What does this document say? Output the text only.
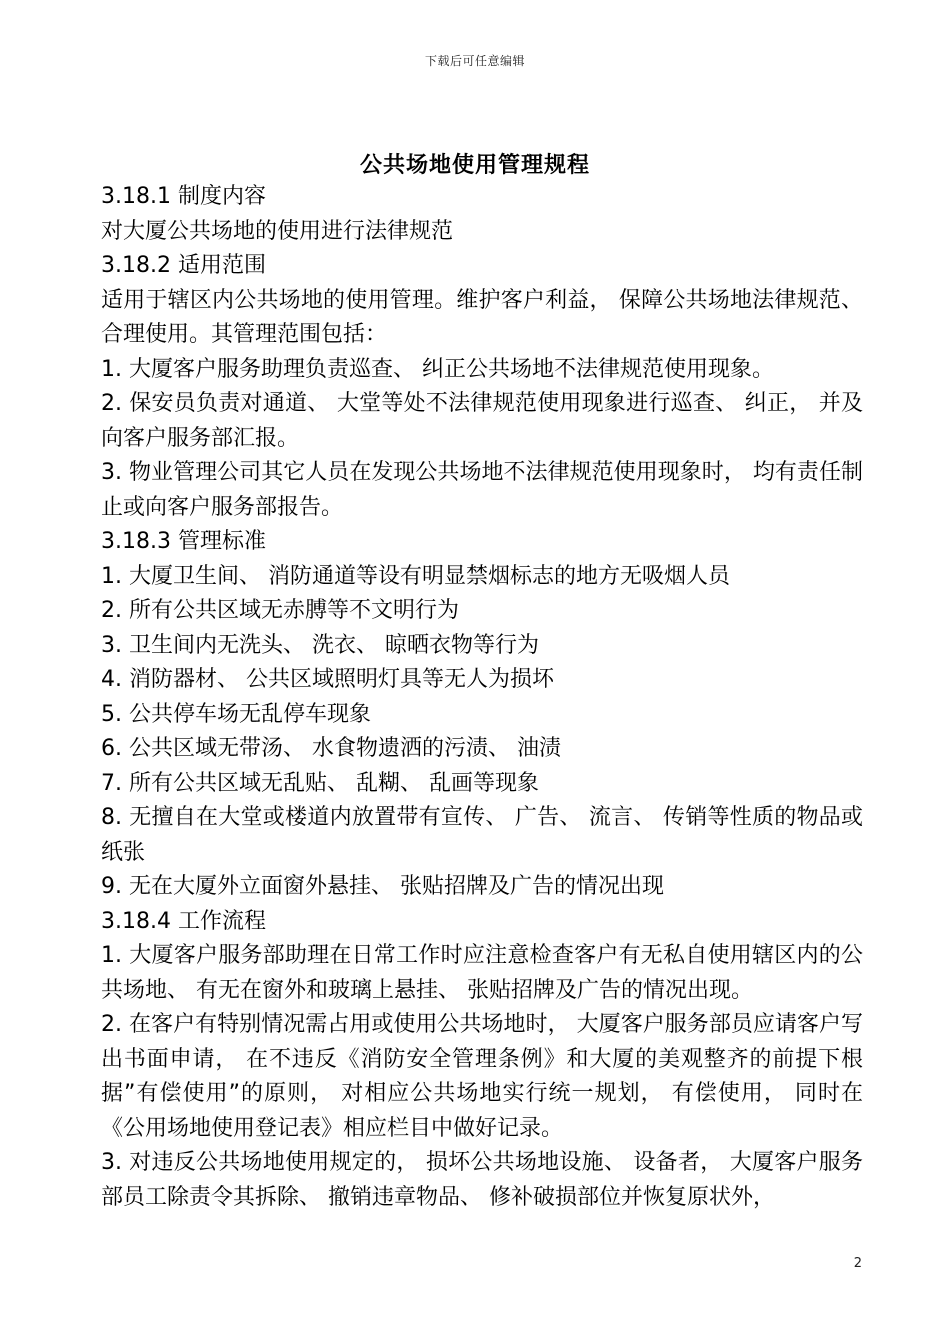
下载后可任意编辑
公共场地使用管理规程

3.18.1 制度内容

对大厦公共场地的使用进行法律规范

3.18.2 适用范围

适用于辖区内公共场地的使用管理。维护客户利益， 保障公共场地法律规范、 合理使用。其管理范围包括：

1. 大厦客户服务助理负责巡查、 纠正公共场地不法律规范使用现象。

2. 保安员负责对通道、 大堂等处不法律规范使用现象进行巡查、 纠正， 并及向客户服务部汇报。

3. 物业管理公司其它人员在发现公共场地不法律规范使用现象时， 均有责任制止或向客户服务部报告。

3.18.3 管理标准

1. 大厦卫生间、 消防通道等设有明显禁烟标志的地方无吸烟人员

2. 所有公共区域无赤膊等不文明行为

3. 卫生间内无洗头、 洗衣、 晾晒衣物等行为

4. 消防器材、 公共区域照明灯具等无人为损坏

5. 公共停车场无乱停车现象

6. 公共区域无带汤、 水食物遗洒的污渍、 油渍

7. 所有公共区域无乱贴、 乱糊、 乱画等现象

8. 无擅自在大堂或楼道内放置带有宣传、 广告、 流言、 传销等性质的物品或纸张

9. 无在大厦外立面窗外悬挂、 张贴招牌及广告的情况出现

3.18.4 工作流程

1. 大厦客户服务部助理在日常工作时应注意检查客户有无私自使用辖区内的公共场地、 有无在窗外和玻璃上悬挂、 张贴招牌及广告的情况出现。

2. 在客户有特别情况需占用或使用公共场地时， 大厦客户服务部员应请客户写出书面申请， 在不违反《消防安全管理条例》和大厦的美观整齐的前提下根据”有偿使用”的原则， 对相应公共场地实行统一规划， 有偿使用， 同时在《公用场地使用登记表》相应栏目中做好记录。

3. 对违反公共场地使用规定的， 损坏公共场地设施、 设备者， 大厦客户服务部员工除责令其拆除、 撤销违章物品、 修补破损部位并恢复原状外，

2
